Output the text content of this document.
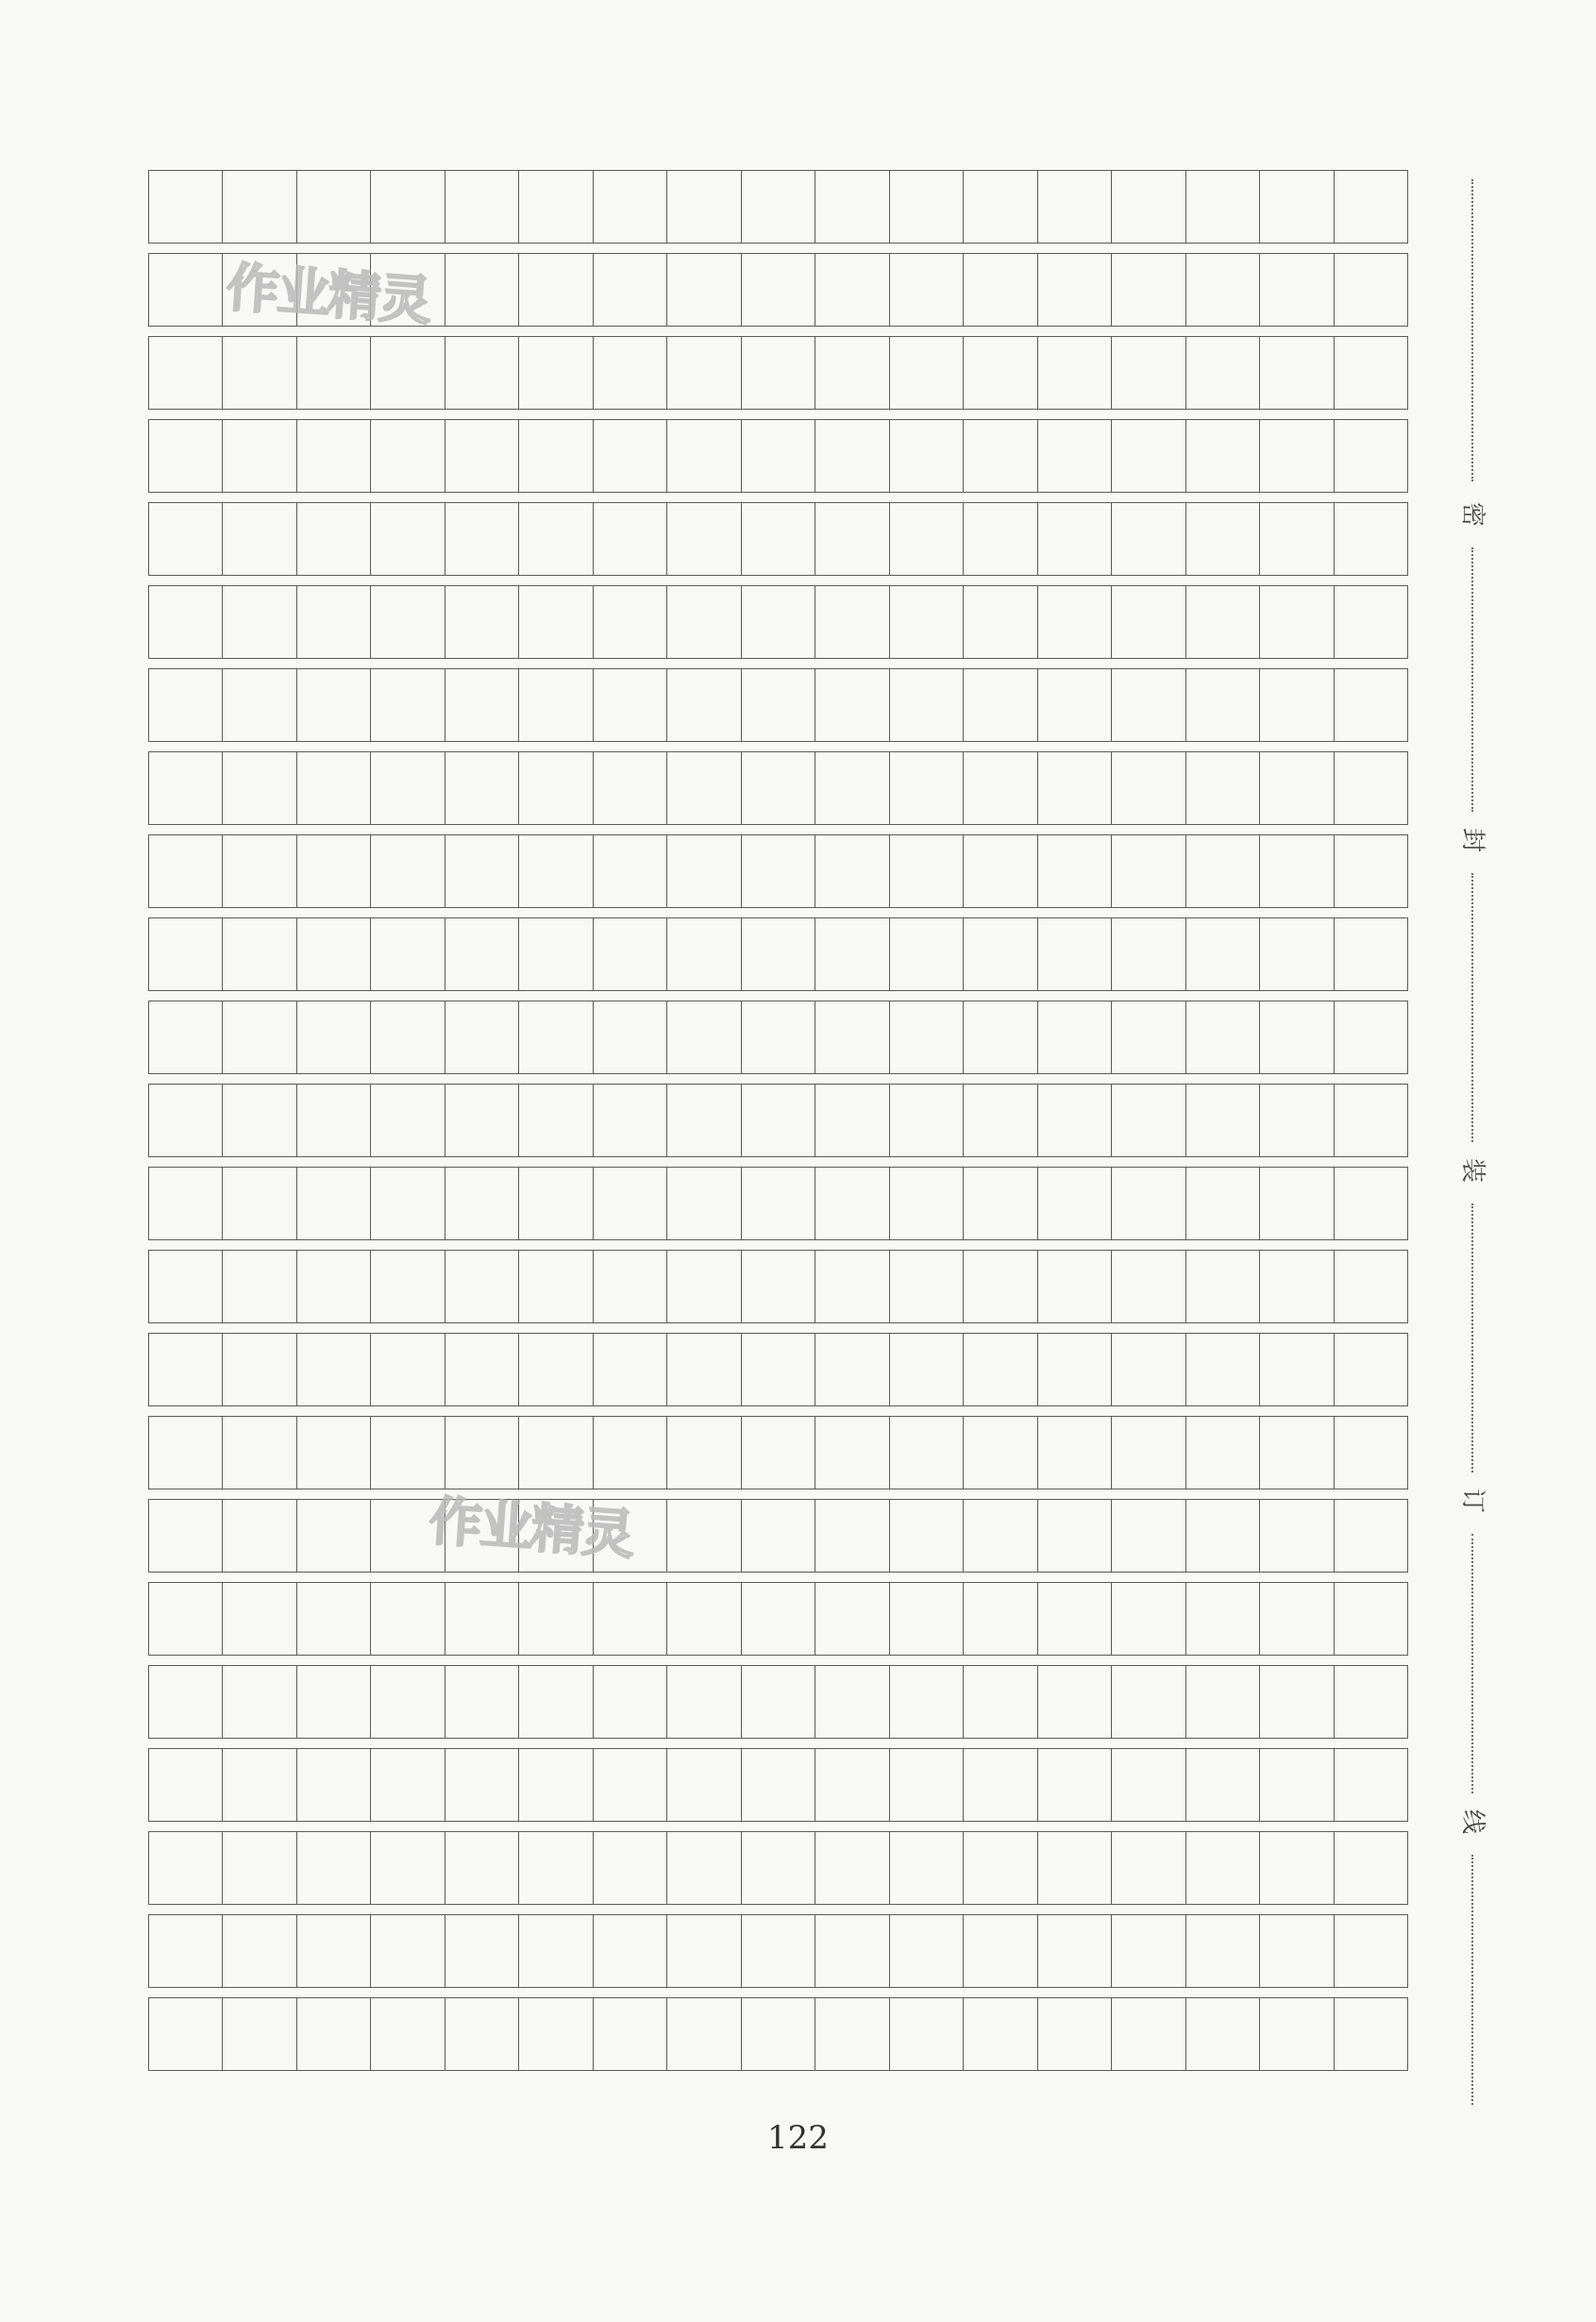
作业精灵
作业精灵
密
封
装
订
线
122
